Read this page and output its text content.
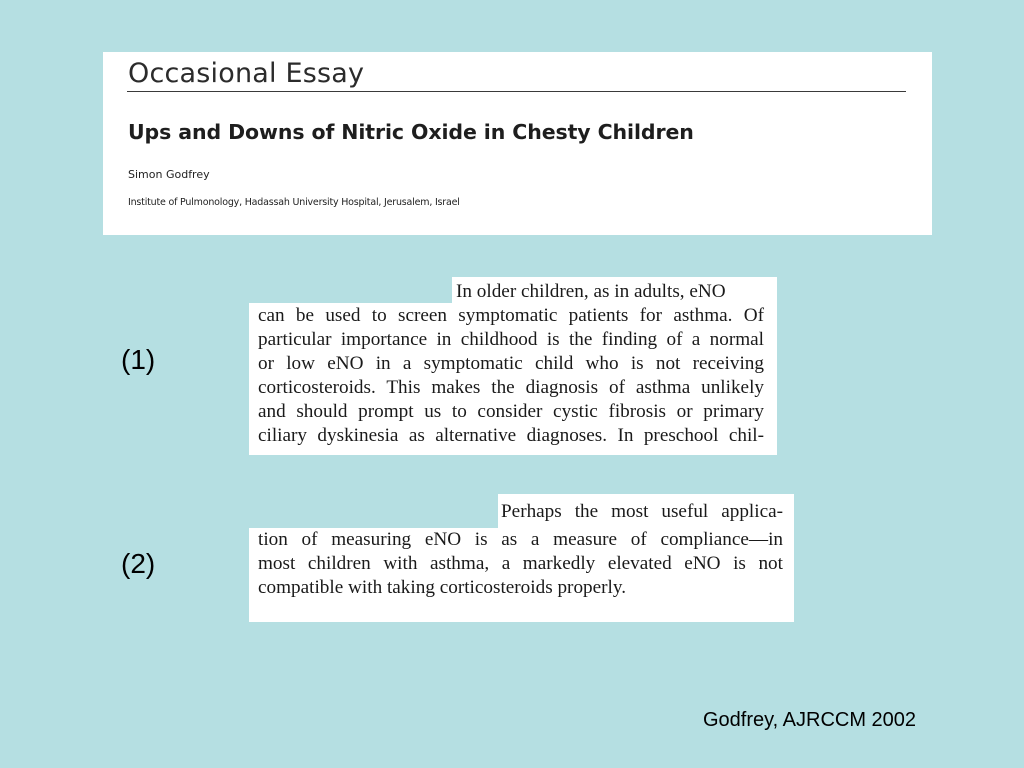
Occasional Essay
Ups and Downs of Nitric Oxide in Chesty Children
Simon Godfrey
Institute of Pulmonology, Hadassah University Hospital, Jerusalem, Israel
(1)
(2)
In older children, as in adults, eNO
can be used to screen symptomatic patients for asthma. Of
particular importance in childhood is the finding of a normal
or low eNO in a symptomatic child who is not receiving
corticosteroids. This makes the diagnosis of asthma unlikely
and should prompt us to consider cystic fibrosis or primary
ciliary dyskinesia as alternative diagnoses. In preschool chil-
Perhaps the most useful applica-
tion of measuring eNO is as a measure of compliance—in
most children with asthma, a markedly elevated eNO is not
compatible with taking corticosteroids properly.
Godfrey, AJRCCM 2002
